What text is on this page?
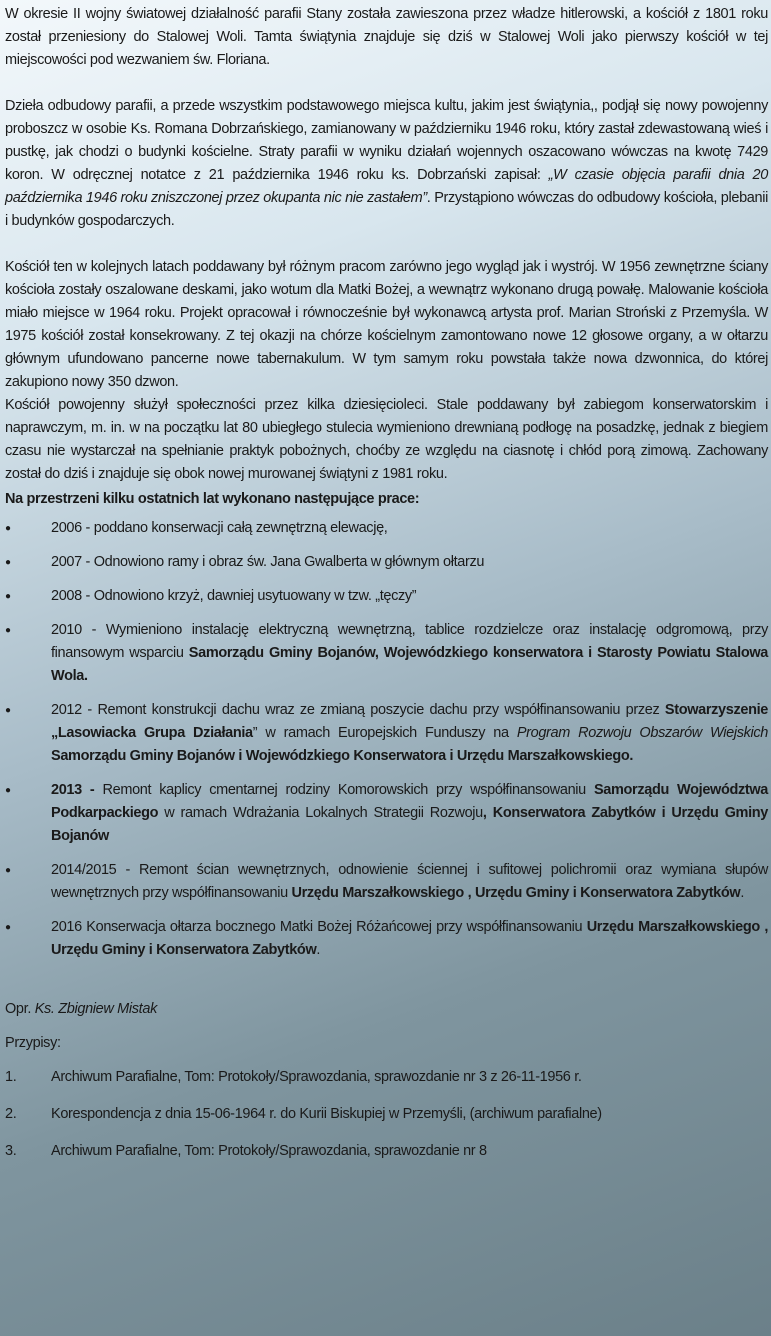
W okresie II wojny światowej działalność parafii Stany została zawieszona przez władze hitlerowski, a kościół z 1801 roku został przeniesiony do Stalowej Woli. Tamta świątynia znajduje się dziś w Stalowej Woli jako pierwszy kościół w tej miejscowości pod wezwaniem św. Floriana.

Dzieła odbudowy parafii, a przede wszystkim podstawowego miejsca kultu, jakim jest świątynia,, podjął się nowy powojenny proboszcz w osobie Ks. Romana Dobrzańskiego, zamianowany w październiku 1946 roku, który zastał zdewastowaną wieś i pustkę, jak chodzi o budynki kościelne. Straty parafii w wyniku działań wojennych oszacowano wówczas na kwotę 7429 koron. W odręcznej notatce z 21 października 1946 roku ks. Dobrzański zapisał: „W czasie objęcia parafii dnia 20 października 1946 roku zniszczonej przez okupanta nic nie zastałem”. Przystąpiono wówczas do odbudowy kościoła, plebanii i budynków gospodarczych.

Kościół ten w kolejnych latach poddawany był różnym pracom zarówno jego wygląd jak i wystrój. W 1956 zewnętrzne ściany kościoła zostały oszalowane deskami, jako wotum dla Matki Bożej, a wewnątrz wykonano drugą powałę. Malowanie kościoła miało miejsce w 1964 roku. Projekt opracował i równocześnie był wykonawcą artysta prof. Marian Stroński z Przemyśla. W 1975 kościół został konsekrowany. Z tej okazji na chórze kościelnym zamontowano nowe 12 głosowe organy, a w ołtarzu głównym ufundowano pancerne nowe tabernakulum. W tym samym roku powstała także nowa dzwonnica, do której zakupiono nowy 350 dzwon.

Kościół powojenny służył społeczności przez kilka dziesięcioleci. Stale poddawany był zabiegom konserwatorskim i naprawczym, m. in. w na początku lat 80 ubiegłego stulecia wymieniono drewnianą podłogę na posadzkę, jednak z biegiem czasu nie wystarczał na spełnianie praktyk pobożnych, choćby ze względu na ciasnotę i chłód porą zimową. Zachowany został do dziś i znajduje się obok nowej murowanej świątyni z 1981 roku.

Na przestrzeni kilku ostatnich lat wykonano następujące prace:
●	2006 - poddano konserwacji całą zewnętrzną elewację,
●	2007 - Odnowiono ramy i obraz św. Jana Gwalberta w głównym ołtarzu
●	2008 - Odnowiono krzyż, dawniej usytuowany w tzw. „tęczy”
●	2010 - Wymieniono instalację elektryczną wewnętrzną, tablice rozdzielcze oraz instalację odgromową, przy finansowym wsparciu Samorządu Gminy Bojanów, Wojewódzkiego konserwatora i Starosty Powiatu Stalowa Wola.
●	2012 - Remont konstrukcji dachu wraz ze zmianą poszycie dachu przy współfinansowaniu przez Stowarzyszenie „Lasowiacka Grupa Działania” w ramach Europejskich Funduszy na Program Rozwoju Obszarów Wiejskich Samorządu Gminy Bojanów i Wojewódzkiego Konserwatora i Urzędu Marszałkowskiego.
●	2013 - Remont kaplicy cmentarnej rodziny Komorowskich przy współfinansowaniu Samorządu Województwa Podkarpackiego w ramach Wdrażania Lokalnych Strategii Rozwoju, Konserwatora Zabytków i Urzędu Gminy Bojanów
●	2014/2015 - Remont ścian wewnętrznych, odnowienie ściennej i sufitowej polichromii oraz wymiana słupów wewnętrznych przy współfinansowaniu Urzędu Marszałkowskiego , Urzędu Gminy i Konserwatora Zabytków.
●	2016 Konserwacja ołtarza bocznego Matki Bożej Różańcowej przy współfinansowaniu Urzędu Marszałkowskiego , Urzędu Gminy i Konserwatora Zabytków.
Opr. Ks. Zbigniew Mistak
Przypisy:
1. Archiwum Parafialne, Tom: Protokoły/Sprawozdania, sprawozdanie nr 3 z 26-11-1956 r.
2. Korespondencja z dnia 15-06-1964 r. do Kurii Biskupiej w Przemyśli, (archiwum parafialne)
3. Archiwum Parafialne, Tom: Protokoły/Sprawozdania, sprawozdanie nr 8
